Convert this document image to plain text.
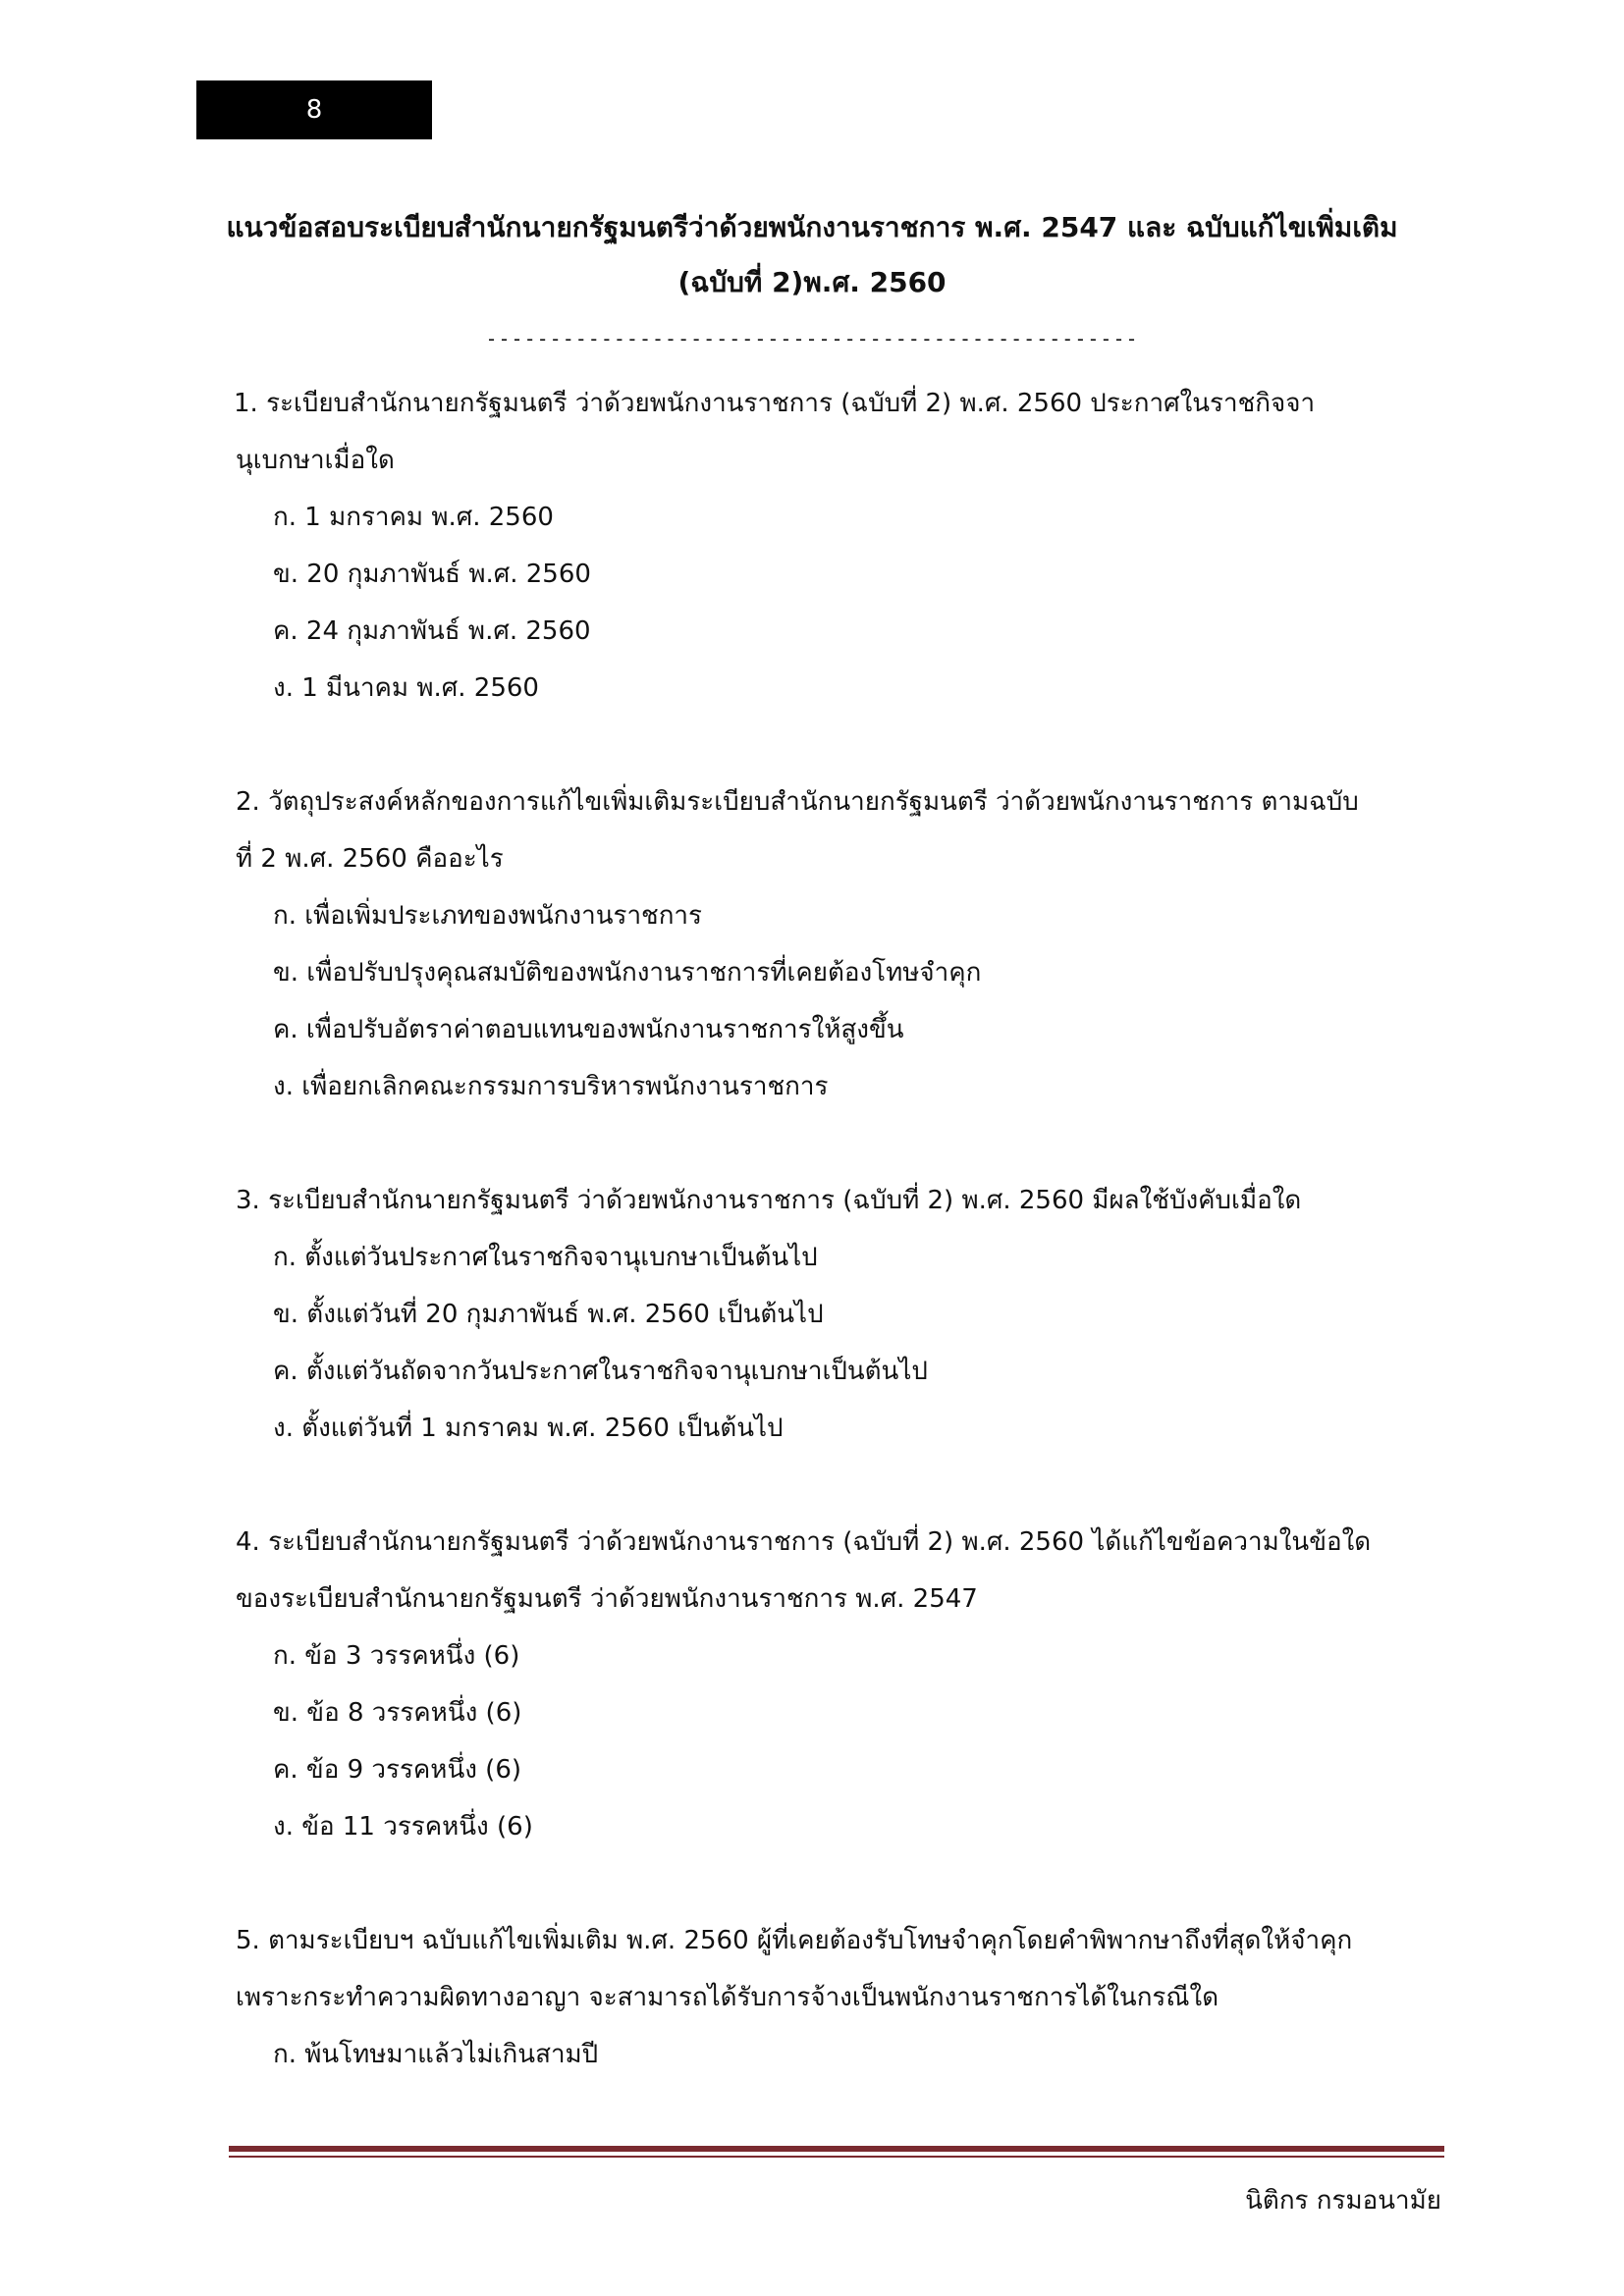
8
แนวข้อสอบระเบียบสำนักนายกรัฐมนตรีว่าด้วยพนักงานราชการ พ.ศ. 2547 และ ฉบับแก้ไขเพิ่มเติม
(ฉบับที่ 2)พ.ศ. 2560
---------------------------------------------------
1. ระเบียบสำนักนายกรัฐมนตรี ว่าด้วยพนักงานราชการ (ฉบับที่ 2) พ.ศ. 2560 ประกาศในราชกิจจา
นุเบกษาเมื่อใด
ก. 1 มกราคม พ.ศ. 2560
ข. 20 กุมภาพันธ์ พ.ศ. 2560
ค. 24 กุมภาพันธ์ พ.ศ. 2560
ง. 1 มีนาคม พ.ศ. 2560
2. วัตถุประสงค์หลักของการแก้ไขเพิ่มเติมระเบียบสำนักนายกรัฐมนตรี ว่าด้วยพนักงานราชการ ตามฉบับ
ที่ 2 พ.ศ. 2560 คืออะไร
ก. เพื่อเพิ่มประเภทของพนักงานราชการ
ข. เพื่อปรับปรุงคุณสมบัติของพนักงานราชการที่เคยต้องโทษจำคุก
ค. เพื่อปรับอัตราค่าตอบแทนของพนักงานราชการให้สูงขึ้น
ง. เพื่อยกเลิกคณะกรรมการบริหารพนักงานราชการ
3. ระเบียบสำนักนายกรัฐมนตรี ว่าด้วยพนักงานราชการ (ฉบับที่ 2) พ.ศ. 2560 มีผลใช้บังคับเมื่อใด
ก. ตั้งแต่วันประกาศในราชกิจจานุเบกษาเป็นต้นไป
ข. ตั้งแต่วันที่ 20 กุมภาพันธ์ พ.ศ. 2560 เป็นต้นไป
ค. ตั้งแต่วันถัดจากวันประกาศในราชกิจจานุเบกษาเป็นต้นไป
ง. ตั้งแต่วันที่ 1 มกราคม พ.ศ. 2560 เป็นต้นไป
4. ระเบียบสำนักนายกรัฐมนตรี ว่าด้วยพนักงานราชการ (ฉบับที่ 2) พ.ศ. 2560 ได้แก้ไขข้อความในข้อใด
ของระเบียบสำนักนายกรัฐมนตรี ว่าด้วยพนักงานราชการ พ.ศ. 2547
ก. ข้อ 3 วรรคหนึ่ง (6)
ข. ข้อ 8 วรรคหนึ่ง (6)
ค. ข้อ 9 วรรคหนึ่ง (6)
ง. ข้อ 11 วรรคหนึ่ง (6)
5. ตามระเบียบฯ ฉบับแก้ไขเพิ่มเติม พ.ศ. 2560 ผู้ที่เคยต้องรับโทษจำคุกโดยคำพิพากษาถึงที่สุดให้จำคุก
เพราะกระทำความผิดทางอาญา จะสามารถได้รับการจ้างเป็นพนักงานราชการได้ในกรณีใด
ก. พ้นโทษมาแล้วไม่เกินสามปี
นิติกร กรมอนามัย
